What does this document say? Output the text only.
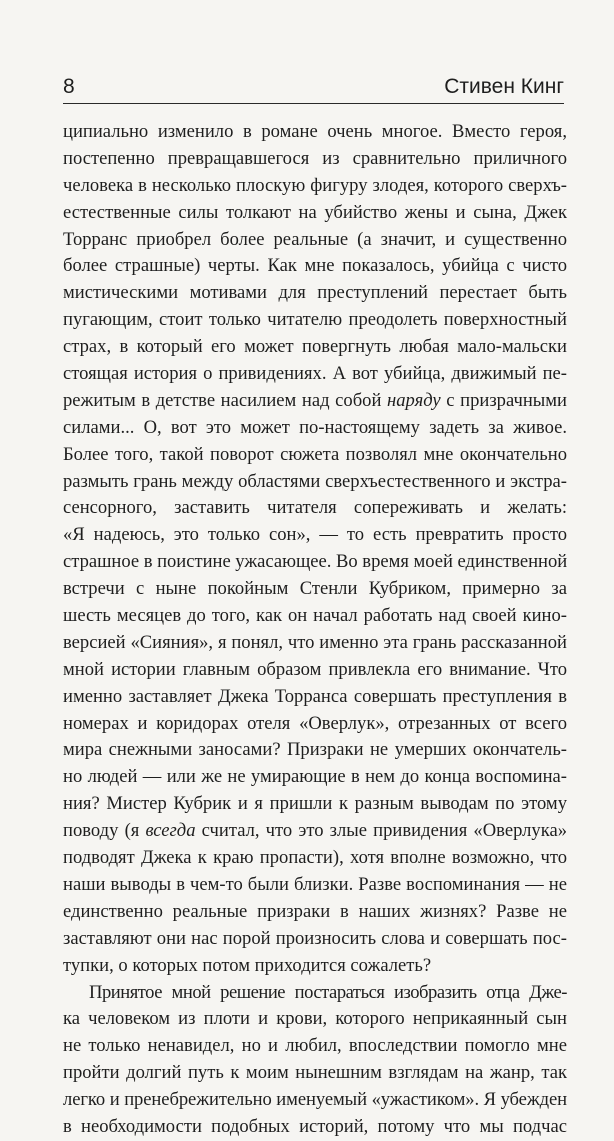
8	Стивен Кинг
ципиально изменило в романе очень многое. Вместо героя,
постепенно превращавшегося из сравнительно приличного
человека в несколько плоскую фигуру злодея, которого сверхъ-
естественные силы толкают на убийство жены и сына, Джек
Торранс приобрел более реальные (а значит, и существенно
более страшные) черты. Как мне показалось, убийца с чисто
мистическими мотивами для преступлений перестает быть
пугающим, стоит только читателю преодолеть поверхностный
страх, в который его может повергнуть любая мало-мальски
стоящая история о привидениях. А вот убийца, движимый пе-
режитым в детстве насилием над собой наряду с призрачными
силами... О, вот это может по-настоящему задеть за живое.
Более того, такой поворот сюжета позволял мне окончательно
размыть грань между областями сверхъестественного и экстра-
сенсорного, заставить читателя сопереживать и желать:
«Я надеюсь, это только сон», — то есть превратить просто
страшное в поистине ужасающее. Во время моей единственной
встречи с ныне покойным Стенли Кубриком, примерно за
шесть месяцев до того, как он начал работать над своей кино-
версией «Сияния», я понял, что именно эта грань рассказанной
мной истории главным образом привлекла его внимание. Что
именно заставляет Джека Торранса совершать преступления в
номерах и коридорах отеля «Оверлук», отрезанных от всего
мира снежными заносами? Призраки не умерших окончатель-
но людей — или же не умирающие в нем до конца воспомина-
ния? Мистер Кубрик и я пришли к разным выводам по этому
поводу (я всегда считал, что это злые привидения «Оверлука»
подводят Джека к краю пропасти), хотя вполне возможно, что
наши выводы в чем-то были близки. Разве воспоминания — не
единственно реальные призраки в наших жизнях? Разве не
заставляют они нас порой произносить слова и совершать пос-
тупки, о которых потом приходится сожалеть?
Принятое мной решение постараться изобразить отца Дже-
ка человеком из плоти и крови, которого неприкаянный сын
не только ненавидел, но и любил, впоследствии помогло мне
пройти долгий путь к моим нынешним взглядам на жанр, так
легко и пренебрежительно именуемый «ужастиком». Я убежден
в необходимости подобных историй, потому что мы подчас
